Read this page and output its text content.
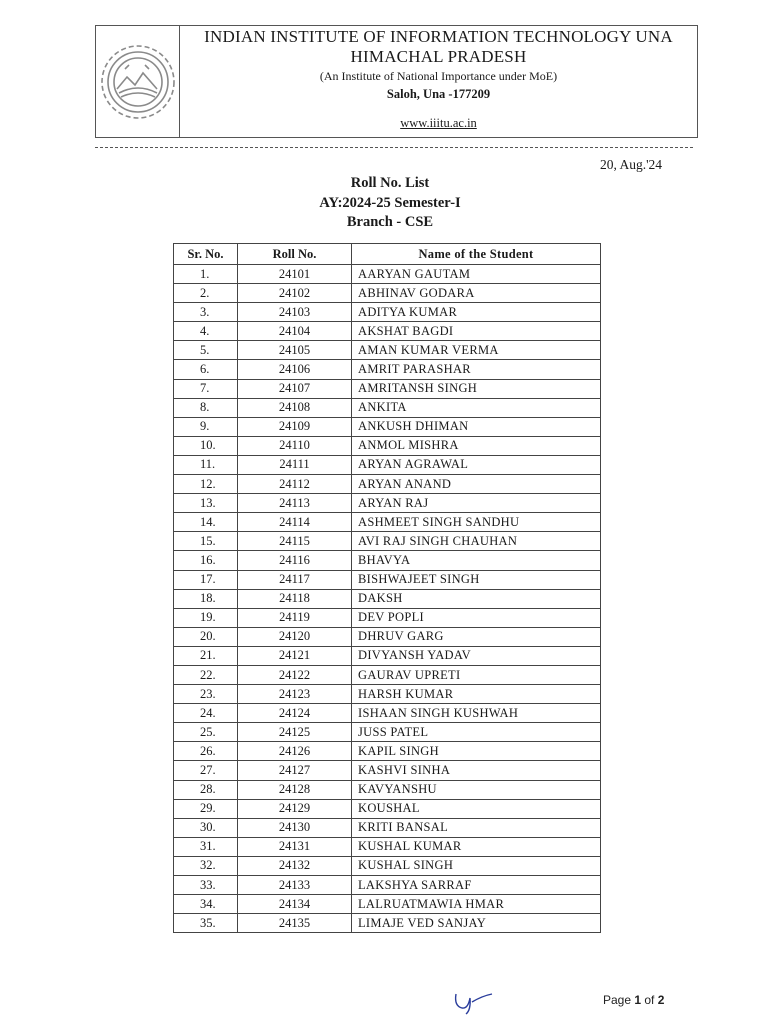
INDIAN INSTITUTE OF INFORMATION TECHNOLOGY UNA
HIMACHAL PRADESH
(An Institute of National Importance under MoE)
Saloh, Una -177209
www.iiitu.ac.in
20, Aug.'24
Roll No. List
AY:2024-25 Semester-I
Branch - CSE
Sr. No.	Roll No.	Name of the Student
1.	24101	AARYAN GAUTAM
2.	24102	ABHINAV GODARA
3.	24103	ADITYA KUMAR
4.	24104	AKSHAT BAGDI
5.	24105	AMAN KUMAR VERMA
6.	24106	AMRIT PARASHAR
7.	24107	AMRITANSH SINGH
8.	24108	ANKITA
9.	24109	ANKUSH DHIMAN
10.	24110	ANMOL MISHRA
11.	24111	ARYAN AGRAWAL
12.	24112	ARYAN ANAND
13.	24113	ARYAN RAJ
14.	24114	ASHMEET SINGH SANDHU
15.	24115	AVI RAJ SINGH CHAUHAN
16.	24116	BHAVYA
17.	24117	BISHWAJEET SINGH
18.	24118	DAKSH
19.	24119	DEV POPLI
20.	24120	DHRUV GARG
21.	24121	DIVYANSH YADAV
22.	24122	GAURAV UPRETI
23.	24123	HARSH KUMAR
24.	24124	ISHAAN SINGH KUSHWAH
25.	24125	JUSS PATEL
26.	24126	KAPIL SINGH
27.	24127	KASHVI SINHA
28.	24128	KAVYANSHU
29.	24129	KOUSHAL
30.	24130	KRITI BANSAL
31.	24131	KUSHAL KUMAR
32.	24132	KUSHAL SINGH
33.	24133	LAKSHYA SARRAF
34.	24134	LALRUATMAWIA HMAR
35.	24135	LIMAJE VED SANJAY
Page 1 of 2
